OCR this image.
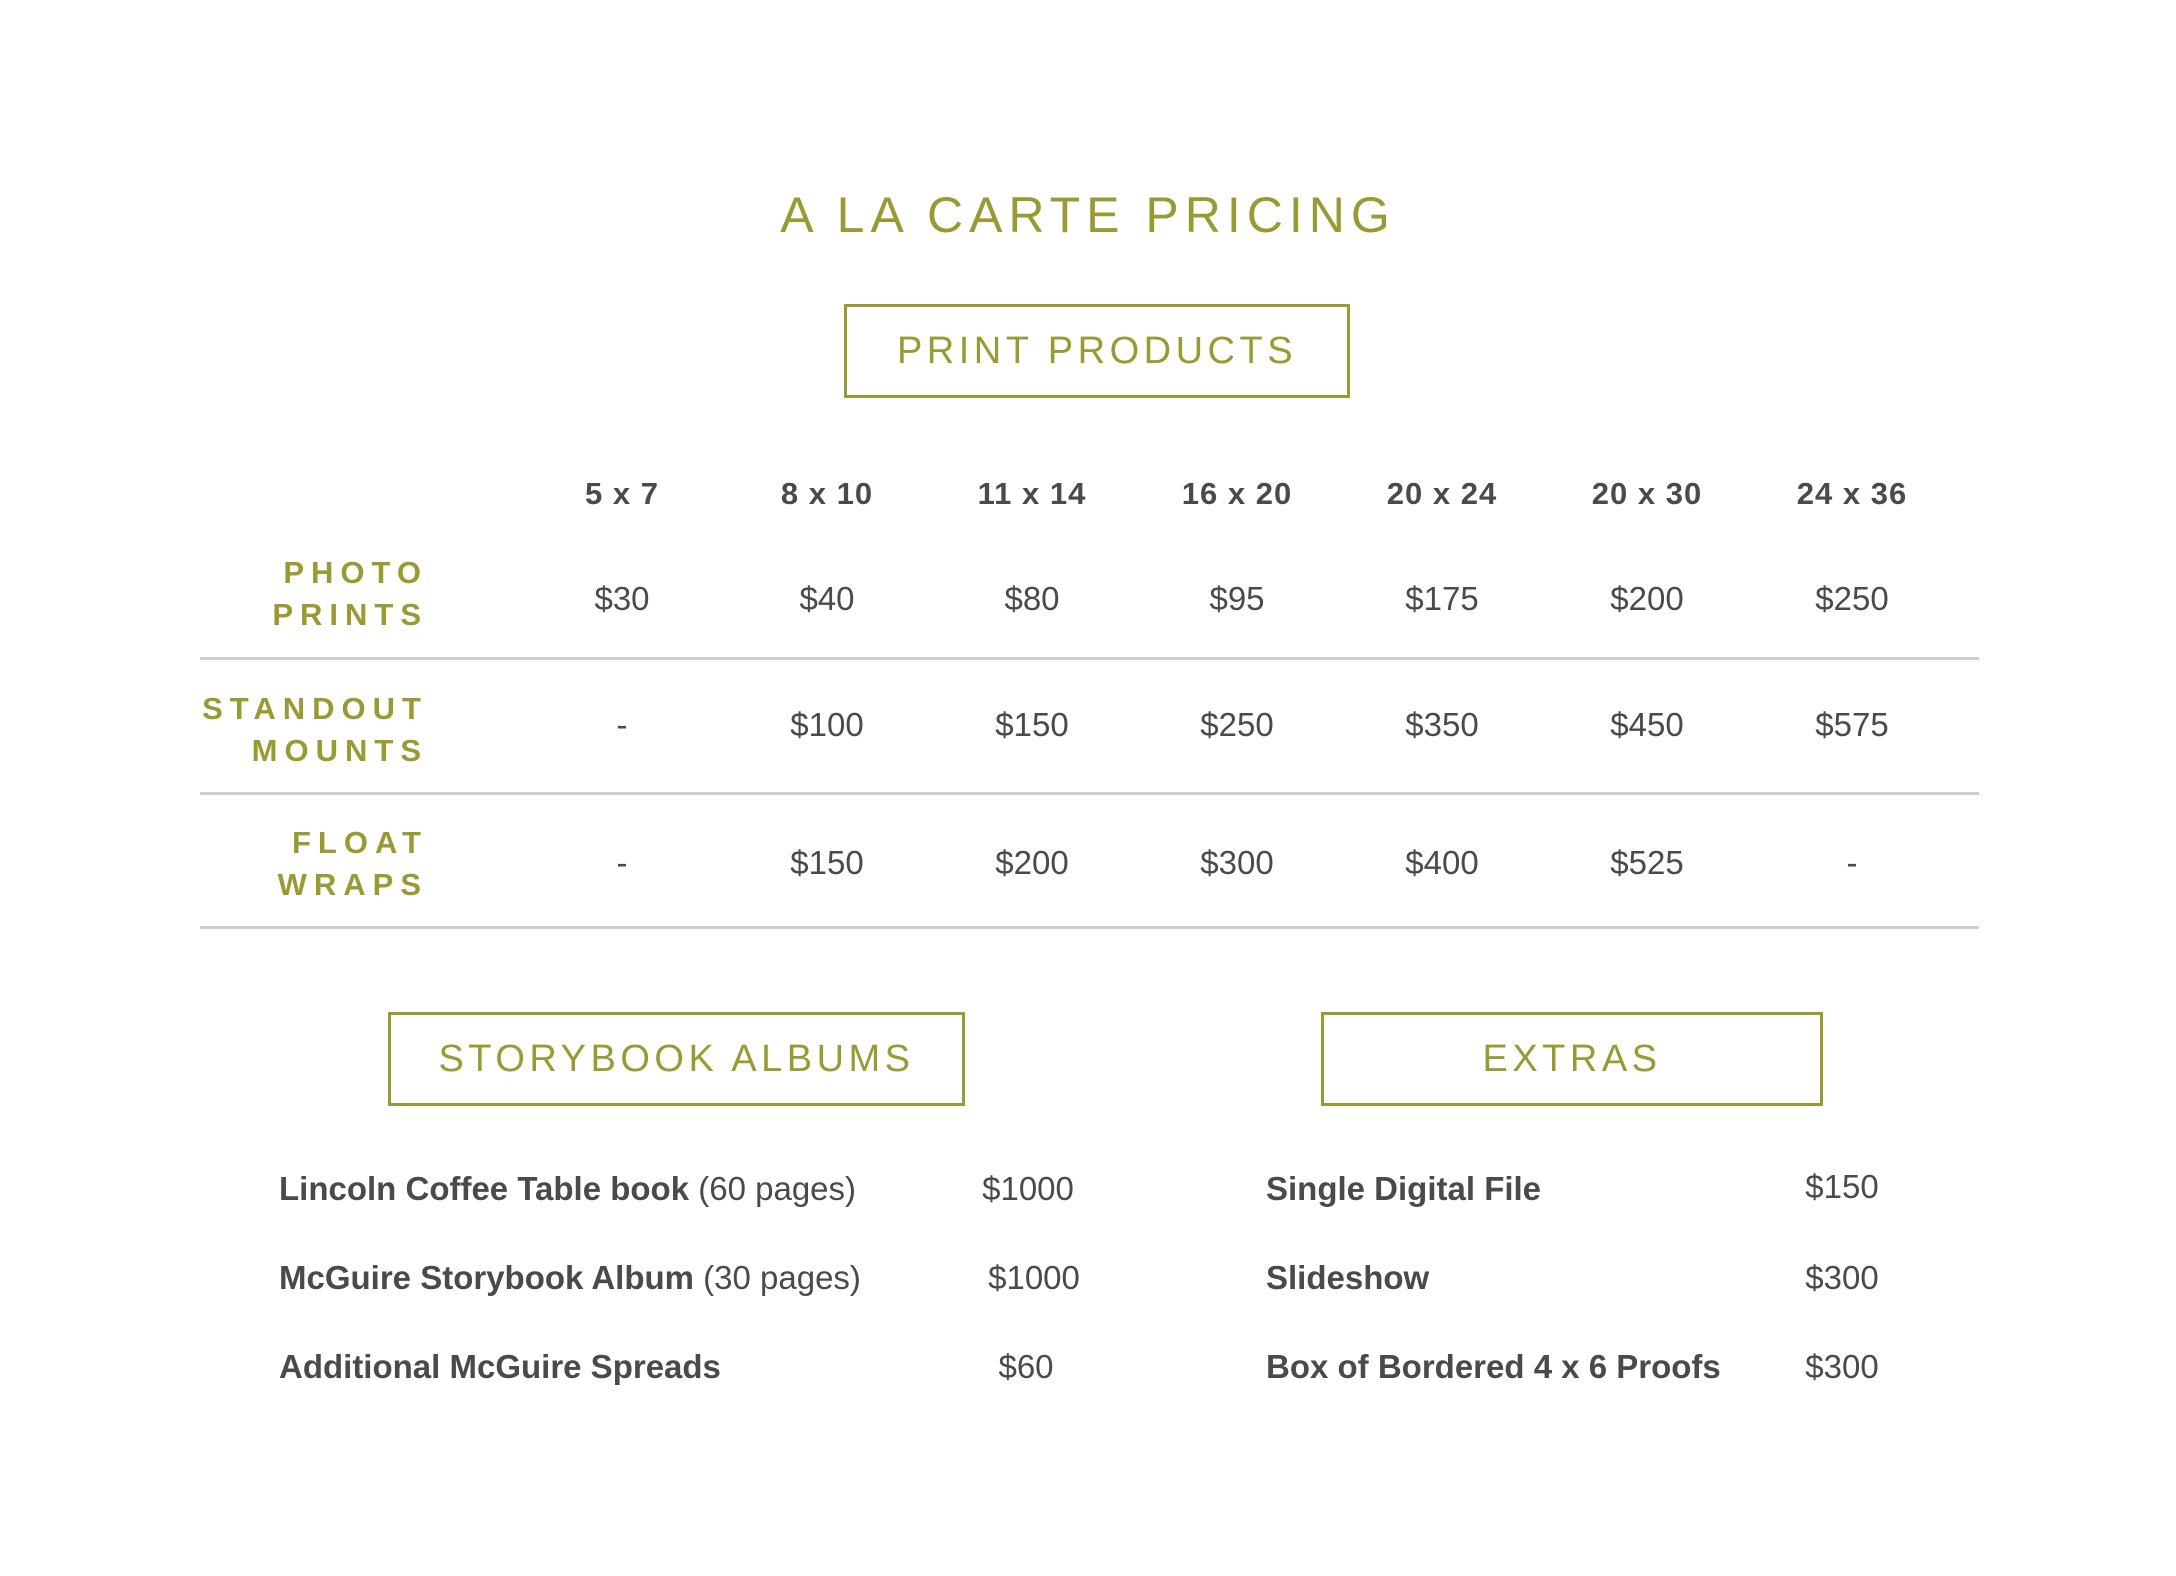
A LA CARTE PRICING
PRINT PRODUCTS
5 x 7	8 x 10	11 x 14	16 x 20	20 x 24	20 x 30	24 x 36
PHOTO
PRINTS	$30	$40	$80	$95	$175	$200	$250
STANDOUT
MOUNTS
-	$100	$150	$250	$350	$450	$575
FLOAT
WRAPS
-	$150	$200	$300	$400	$525	-
STORYBOOK ALBUMS
Lincoln Coffee Table book (60 pages)	$1000
McGuire Storybook Album (30 pages)	$1000
Additional McGuire Spreads	$60
EXTRAS
Single Digital File	$150
Slideshow	$300
Box of Bordered 4 x 6 Proofs	$300
